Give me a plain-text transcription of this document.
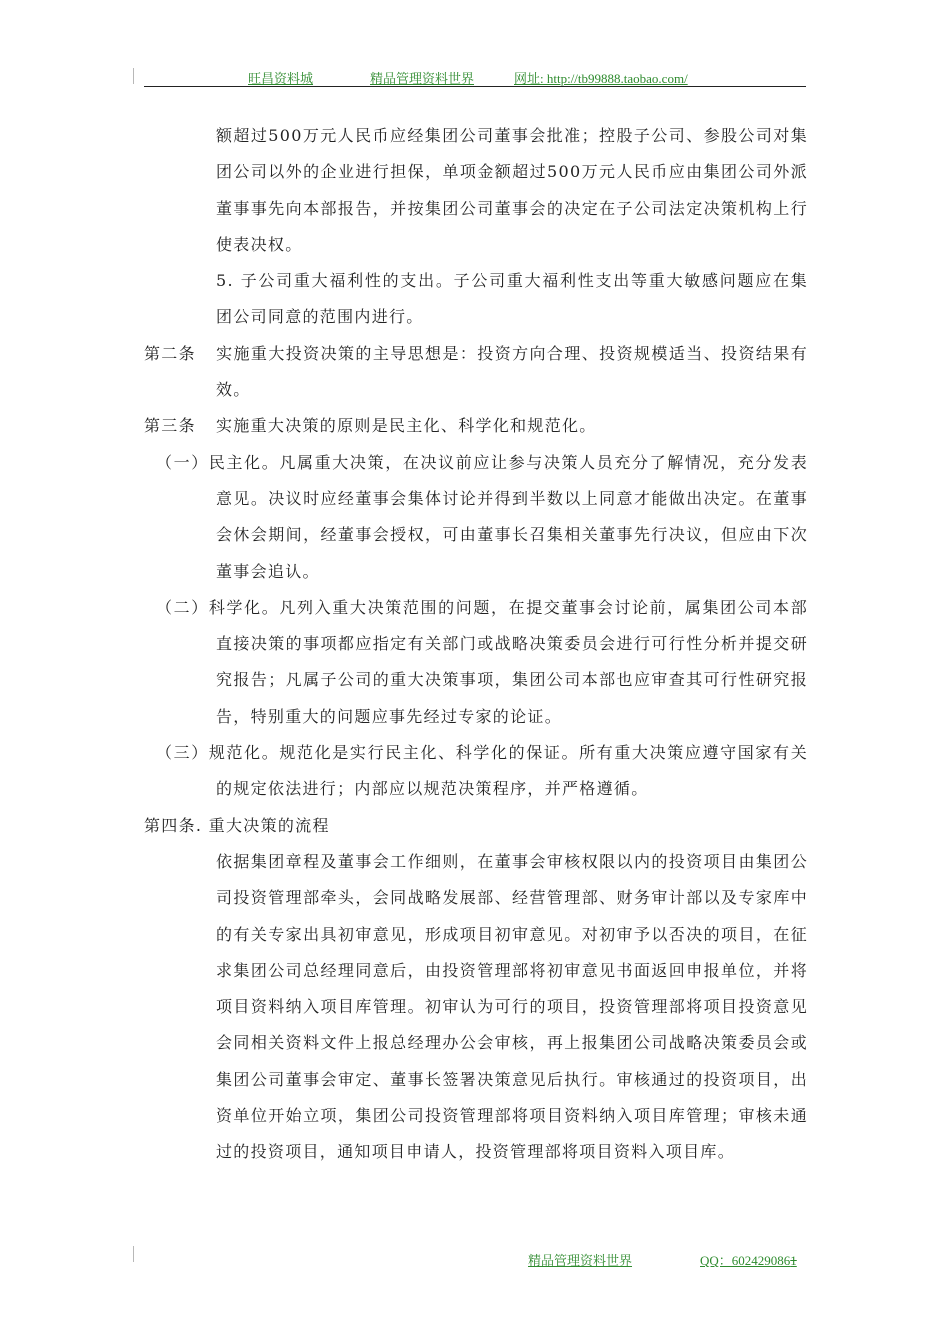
旺昌资料城	精品管理资料世界	网址: http://tb99888.taobao.com/

额超过500万元人民币应经集团公司董事会批准；控股子公司、参股公司对集团公司以外的企业进行担保，单项金额超过500万元人民币应由集团公司外派董事事先向本部报告，并按集团公司董事会的决定在子公司法定决策机构上行使表决权。

5. 子公司重大福利性的支出。子公司重大福利性支出等重大敏感问题应在集团公司同意的范围内进行。

第二条 实施重大投资决策的主导思想是：投资方向合理、投资规模适当、投资结果有效。

第三条 实施重大决策的原则是民主化、科学化和规范化。

（一）民主化。凡属重大决策，在决议前应让参与决策人员充分了解情况，充分发表意见。决议时应经董事会集体讨论并得到半数以上同意才能做出决定。在董事会休会期间，经董事会授权，可由董事长召集相关董事先行决议，但应由下次董事会追认。

（二）科学化。凡列入重大决策范围的问题，在提交董事会讨论前，属集团公司本部直接决策的事项都应指定有关部门或战略决策委员会进行可行性分析并提交研究报告；凡属子公司的重大决策事项，集团公司本部也应审查其可行性研究报告，特别重大的问题应事先经过专家的论证。

（三）规范化。规范化是实行民主化、科学化的保证。所有重大决策应遵守国家有关的规定依法进行；内部应以规范决策程序，并严格遵循。

第四条. 重大决策的流程

依据集团章程及董事会工作细则，在董事会审核权限以内的投资项目由集团公司投资管理部牵头，会同战略发展部、经营管理部、财务审计部以及专家库中的有关专家出具初审意见，形成项目初审意见。对初审予以否决的项目，在征求集团公司总经理同意后，由投资管理部将初审意见书面返回申报单位，并将项目资料纳入项目库管理。初审认为可行的项目，投资管理部将项目投资意见会同相关资料文件上报总经理办公会审核，再上报集团公司战略决策委员会或集团公司董事会审定、董事长签署决策意见后执行。审核通过的投资项目，出资单位开始立项，集团公司投资管理部将项目资料纳入项目库管理；审核未通过的投资项目，通知项目申请人，投资管理部将项目资料入项目库。

精品管理资料世界	QQ：6024290861
